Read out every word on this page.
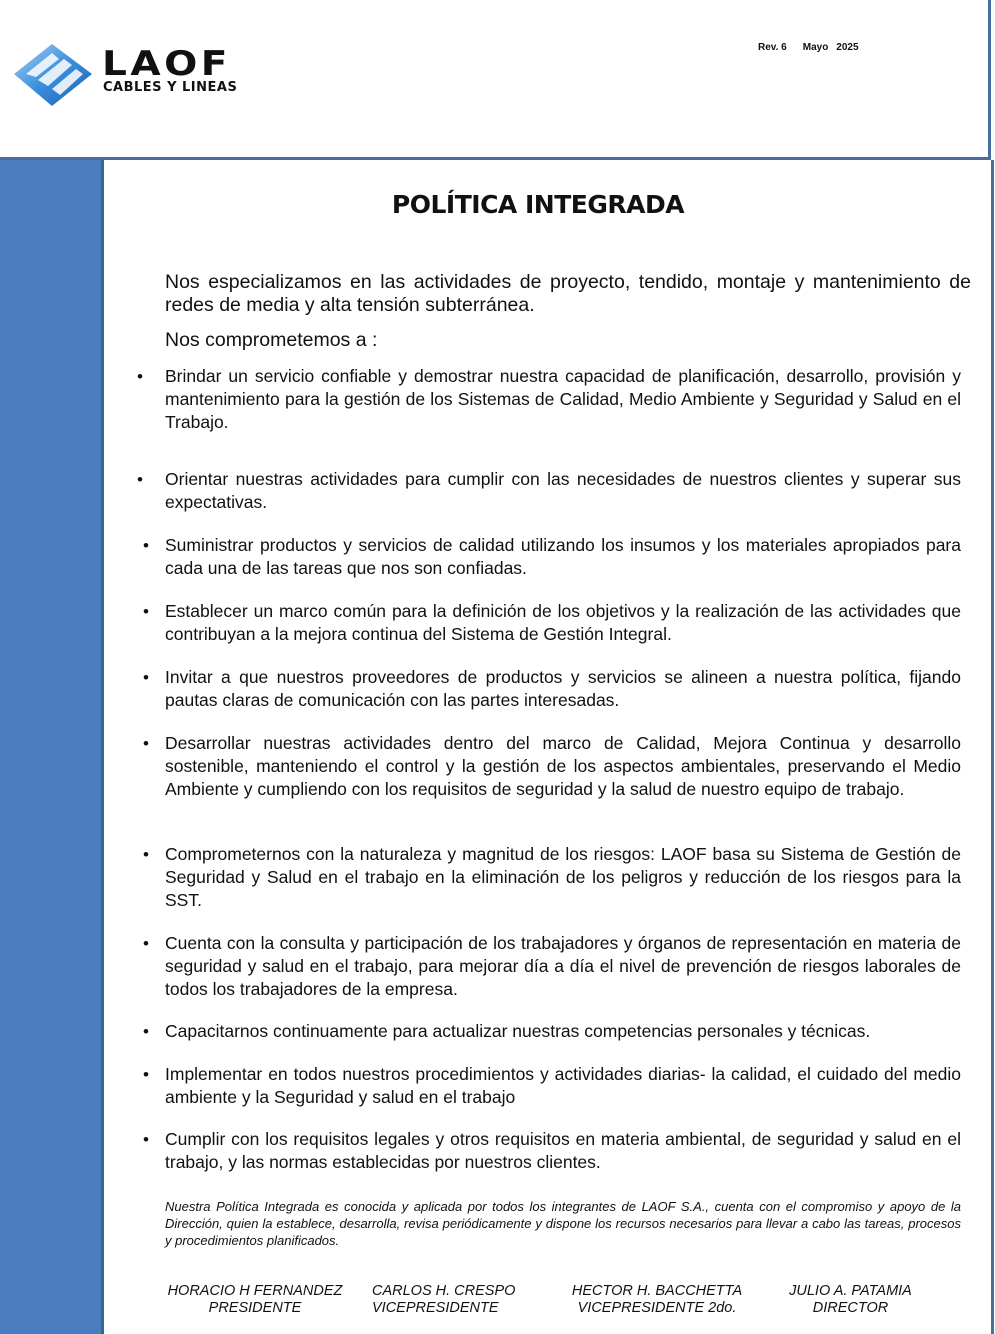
LAOF
CABLES Y LINEAS
Rev. 6 Mayo 2025
POLÍTICA INTEGRADA

Nos especializamos en las actividades de proyecto, tendido, montaje y mantenimiento de redes de media y alta tensión subterránea.

Nos comprometemos a :

• Brindar un servicio confiable y demostrar nuestra capacidad de planificación, desarrollo, provisión y mantenimiento para la gestión de los Sistemas de Calidad, Medio Ambiente y Seguridad y Salud en el Trabajo.

• Orientar nuestras actividades para cumplir con las necesidades de nuestros clientes y superar sus expectativas.

• Suministrar productos y servicios de calidad utilizando los insumos y los materiales apropiados para cada una de las tareas que nos son confiadas.

• Establecer un marco común para la definición de los objetivos y la realización de las actividades que contribuyan a la mejora continua del Sistema de Gestión Integral.

• Invitar a que nuestros proveedores de productos y servicios se alineen a nuestra política, fijando pautas claras de comunicación con las partes interesadas.

• Desarrollar nuestras actividades dentro del marco de Calidad, Mejora Continua y desarrollo sostenible, manteniendo el control y la gestión de los aspectos ambientales, preservando el Medio Ambiente y cumpliendo con los requisitos de seguridad y la salud de nuestro equipo de trabajo.

• Comprometernos con la naturaleza y magnitud de los riesgos: LAOF basa su Sistema de Gestión de Seguridad y Salud en el trabajo en la eliminación de los peligros y reducción de los riesgos para la SST.

• Cuenta con la consulta y participación de los trabajadores y órganos de representación en materia de seguridad y salud en el trabajo, para mejorar día a día el nivel de prevención de riesgos laborales de todos los trabajadores de la empresa.

• Capacitarnos continuamente para actualizar nuestras competencias personales y técnicas.

• Implementar en todos nuestros procedimientos y actividades diarias- la calidad, el cuidado del medio ambiente y la Seguridad y salud en el trabajo

• Cumplir con los requisitos legales y otros requisitos en materia ambiental, de seguridad y salud en el trabajo, y las normas establecidas por nuestros clientes.

Nuestra Política Integrada es conocida y aplicada por todos los integrantes de LAOF S.A., cuenta con el compromiso y apoyo de la Dirección, quien la establece, desarrolla, revisa periódicamente y dispone los recursos necesarios para llevar a cabo las tareas, procesos y procedimientos planificados.

HORACIO H FERNANDEZ
PRESIDENTE
CARLOS H. CRESPO
VICEPRESIDENTE
HECTOR H. BACCHETTA
VICEPRESIDENTE 2do.
JULIO A. PATAMIA
DIRECTOR
